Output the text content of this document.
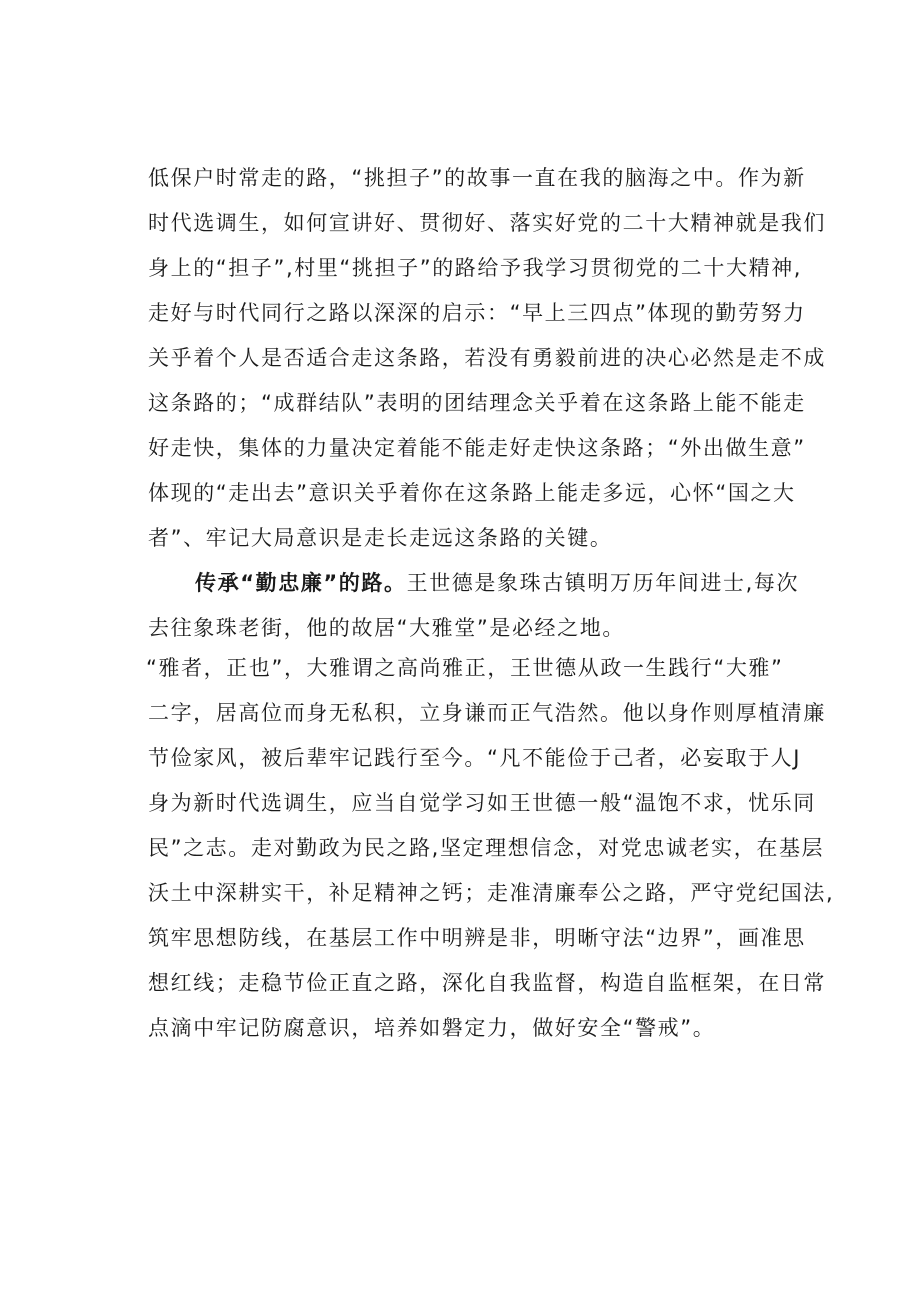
低保户时常走的路，“挑担子”的故事一直在我的脑海之中。作为新
时代选调生，如何宣讲好、贯彻好、落实好党的二十大精神就是我们
身上的“担子”,村里“挑担子”的路给予我学习贯彻党的二十大精神,
走好与时代同行之路以深深的启示：“早上三四点”体现的勤劳努力
关乎着个人是否适合走这条路，若没有勇毅前进的决心必然是走不成
这条路的；“成群结队”表明的团结理念关乎着在这条路上能不能走
好走快，集体的力量决定着能不能走好走快这条路；“外出做生意”
体现的“走出去”意识关乎着你在这条路上能走多远，心怀“国之大
者”、牢记大局意识是走长走远这条路的关键。
传承“勤忠廉”的路。王世德是象珠古镇明万历年间进士,每次
去往象珠老街，他的故居“大雅堂”是必经之地。
“雅者，正也”，大雅谓之高尚雅正，王世德从政一生践行“大雅”
二字，居高位而身无私积，立身谦而正气浩然。他以身作则厚植清廉
节俭家风，被后辈牢记践行至今。“凡不能俭于己者，必妄取于人J
身为新时代选调生，应当自觉学习如王世德一般“温饱不求，忧乐同
民”之志。走对勤政为民之路,坚定理想信念，对党忠诚老实，在基层
沃土中深耕实干，补足精神之钙；走准清廉奉公之路，严守党纪国法,
筑牢思想防线，在基层工作中明辨是非，明晰守法“边界”，画准思
想红线；走稳节俭正直之路，深化自我监督，构造自监框架，在日常
点滴中牢记防腐意识，培养如磐定力，做好安全“警戒”。
